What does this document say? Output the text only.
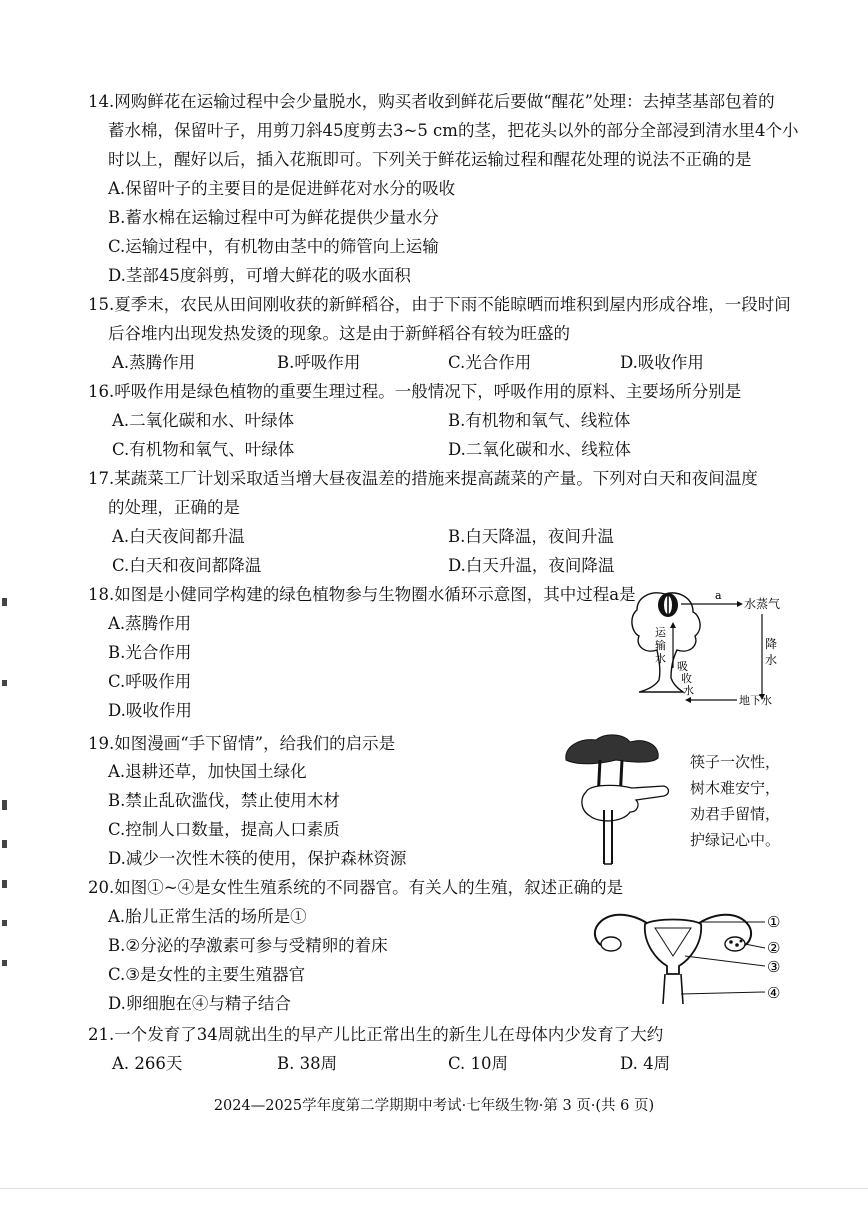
14.网购鲜花在运输过程中会少量脱水，购买者收到鲜花后要做“醒花”处理：去掉茎基部包着的
蓄水棉，保留叶子，用剪刀斜45度剪去3~5 cm的茎，把花头以外的部分全部浸到清水里4个小
时以上，醒好以后，插入花瓶即可。下列关于鲜花运输过程和醒花处理的说法不正确的是
A.保留叶子的主要目的是促进鲜花对水分的吸收
B.蓄水棉在运输过程中可为鲜花提供少量水分
C.运输过程中，有机物由茎中的筛管向上运输
D.茎部45度斜剪，可增大鲜花的吸水面积
15.夏季末，农民从田间刚收获的新鲜稻谷，由于下雨不能晾晒而堆积到屋内形成谷堆，一段时间
后谷堆内出现发热发烫的现象。这是由于新鲜稻谷有较为旺盛的
A.蒸腾作用	B.呼吸作用	C.光合作用	D.吸收作用
16.呼吸作用是绿色植物的重要生理过程。一般情况下，呼吸作用的原料、主要场所分别是
A.二氧化碳和水、叶绿体	B.有机物和氧气、线粒体
C.有机物和氧气、叶绿体	D.二氧化碳和水、线粒体
17.某蔬菜工厂计划采取适当增大昼夜温差的措施来提高蔬菜的产量。下列对白天和夜间温度
的处理，正确的是
A.白天夜间都升温	B.白天降温，夜间升温
C.白天和夜间都降温	D.白天升温，夜间降温
18.如图是小健同学构建的绿色植物参与生物圈水循环示意图，其中过程a是
A.蒸腾作用
B.光合作用
C.呼吸作用
D.吸收作用
a
水蒸气
降
水
地下水
运
输
水
吸
收
水
19.如图漫画“手下留情”，给我们的启示是
A.退耕还草，加快国土绿化
B.禁止乱砍滥伐，禁止使用木材
C.控制人口数量，提高人口素质
D.减少一次性木筷的使用，保护森林资源
筷子一次性，
树木难安宁，
劝君手留情，
护绿记心中。
20.如图①~④是女性生殖系统的不同器官。有关人的生殖，叙述正确的是
A.胎儿正常生活的场所是①
B.②分泌的孕激素可参与受精卵的着床
C.③是女性的主要生殖器官
D.卵细胞在④与精子结合
①
②
③
④
21.一个发育了34周就出生的早产儿比正常出生的新生儿在母体内少发育了大约
A. 266天	B. 38周	C. 10周	D. 4周
2024—2025学年度第二学期期中考试·七年级生物·第 3 页·(共 6 页)
